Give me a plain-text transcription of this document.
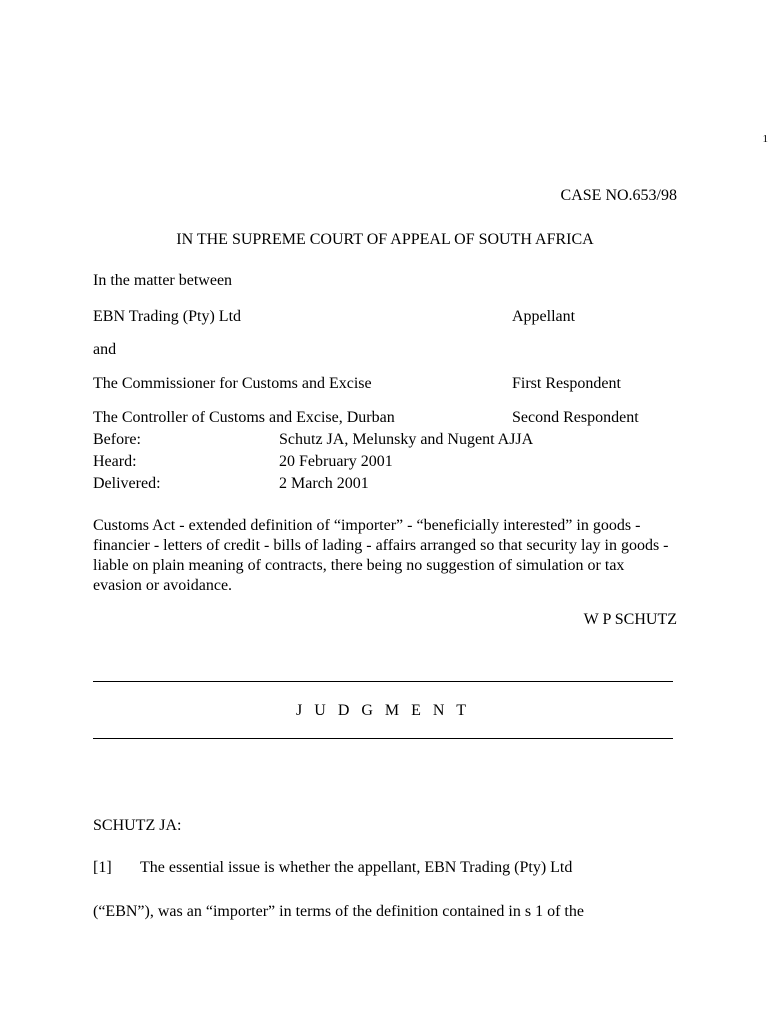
1
CASE NO.653/98
IN THE SUPREME COURT OF APPEAL OF SOUTH AFRICA
In the matter between
EBN Trading (Pty) Ltd	Appellant
and
The Commissioner for Customs and Excise	First Respondent
The Controller of Customs and Excise, Durban	Second Respondent
Before:	Schutz JA, Melunsky and Nugent AJJA
Heard:	20 February 2001
Delivered:	2 March 2001
Customs Act - extended definition of “importer” - “beneficially interested” in goods - financier - letters of credit - bills of lading - affairs arranged so that security lay in goods - liable on plain meaning of contracts, there being no suggestion of simulation or tax evasion or avoidance.
W P SCHUTZ
J U D G M E N T
SCHUTZ JA:
[1] The essential issue is whether the appellant, EBN Trading (Pty) Ltd
(“EBN”), was an “importer” in terms of the definition contained in s 1 of the
